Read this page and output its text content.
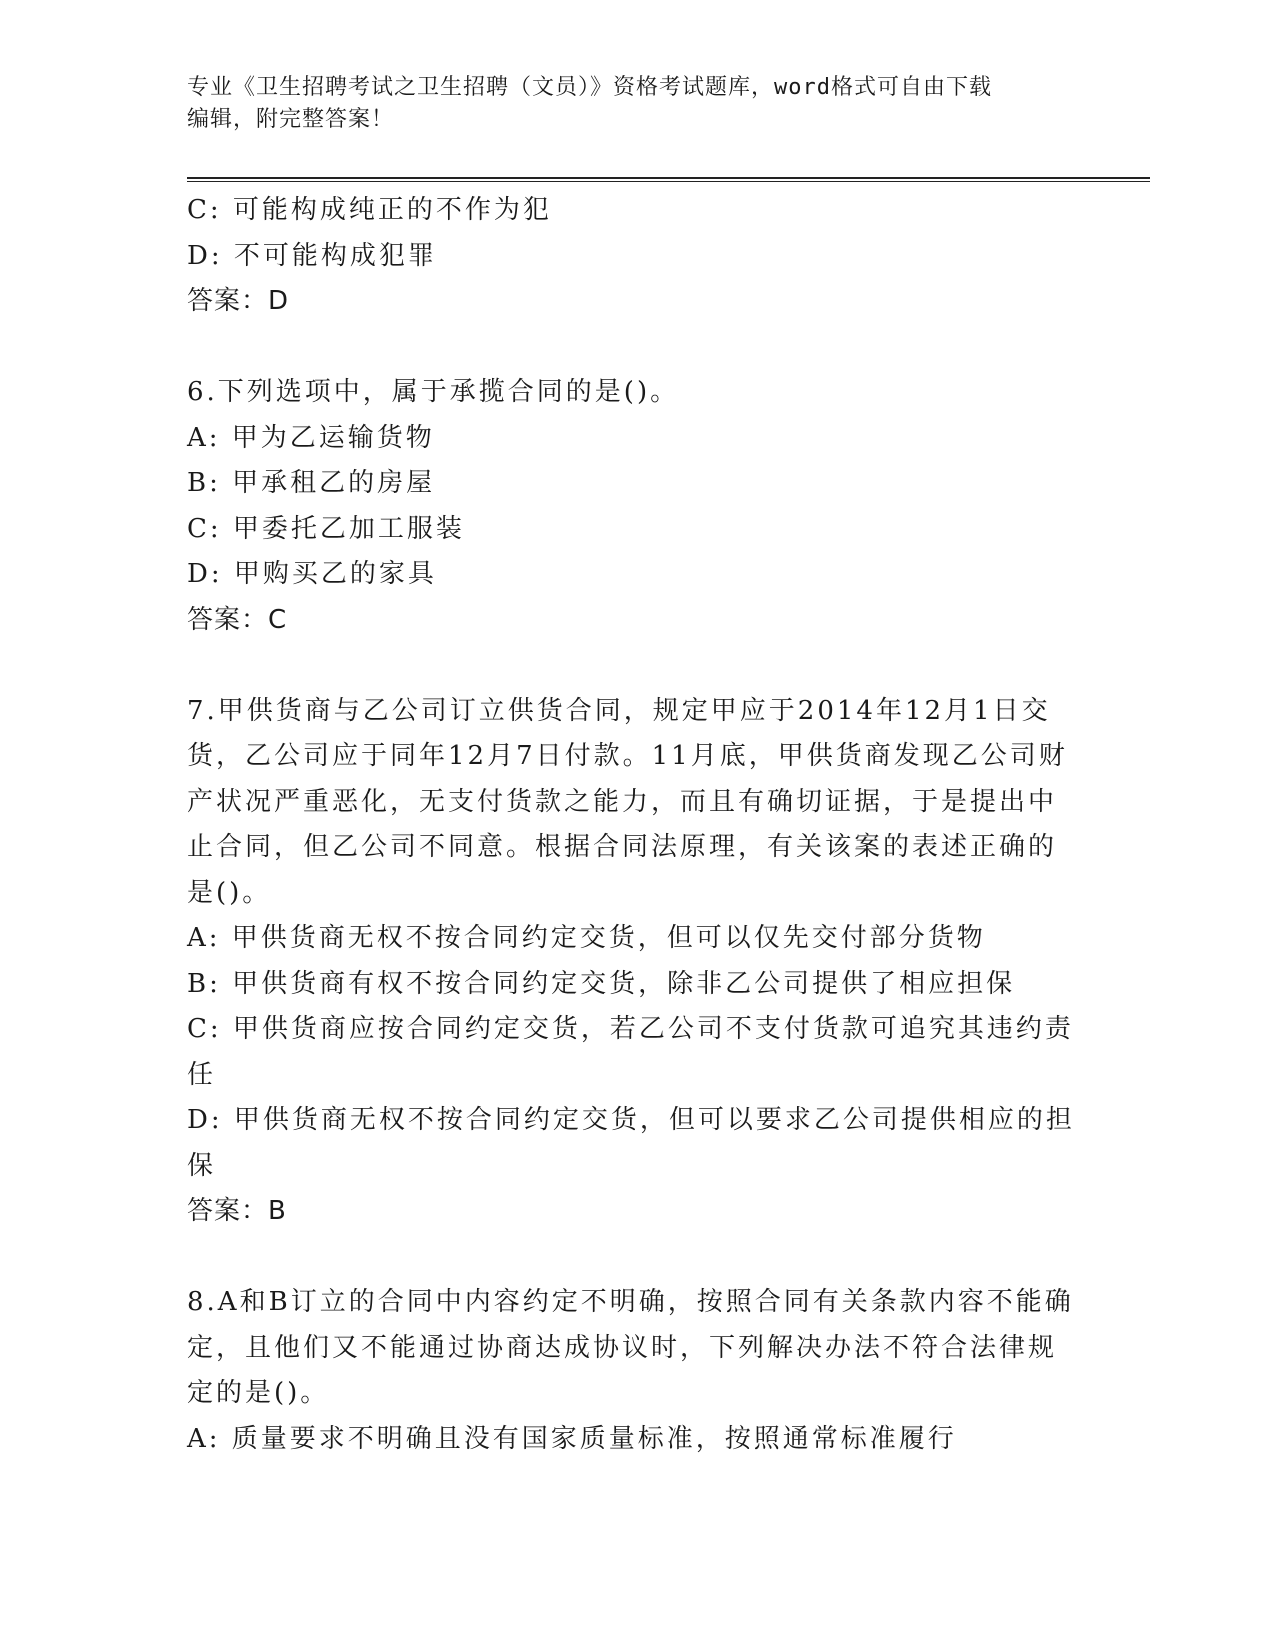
专业《卫生招聘考试之卫生招聘（文员）》资格考试题库，word格式可自由下载
编辑，附完整答案！
C: 可能构成纯正的不作为犯
D: 不可能构成犯罪
答案：D
6.下列选项中，属于承揽合同的是()。
A: 甲为乙运输货物
B: 甲承租乙的房屋
C: 甲委托乙加工服装
D: 甲购买乙的家具
答案：C
7.甲供货商与乙公司订立供货合同，规定甲应于2014年12月1日交
货，乙公司应于同年12月7日付款。11月底，甲供货商发现乙公司财
产状况严重恶化，无支付货款之能力，而且有确切证据，于是提出中
止合同，但乙公司不同意。根据合同法原理，有关该案的表述正确的
是()。
A: 甲供货商无权不按合同约定交货，但可以仅先交付部分货物
B: 甲供货商有权不按合同约定交货，除非乙公司提供了相应担保
C: 甲供货商应按合同约定交货，若乙公司不支付货款可追究其违约责
任
D: 甲供货商无权不按合同约定交货，但可以要求乙公司提供相应的担
保
答案：B
8.A和B订立的合同中内容约定不明确，按照合同有关条款内容不能确
定，且他们又不能通过协商达成协议时，下列解决办法不符合法律规
定的是()。
A: 质量要求不明确且没有国家质量标准，按照通常标准履行
